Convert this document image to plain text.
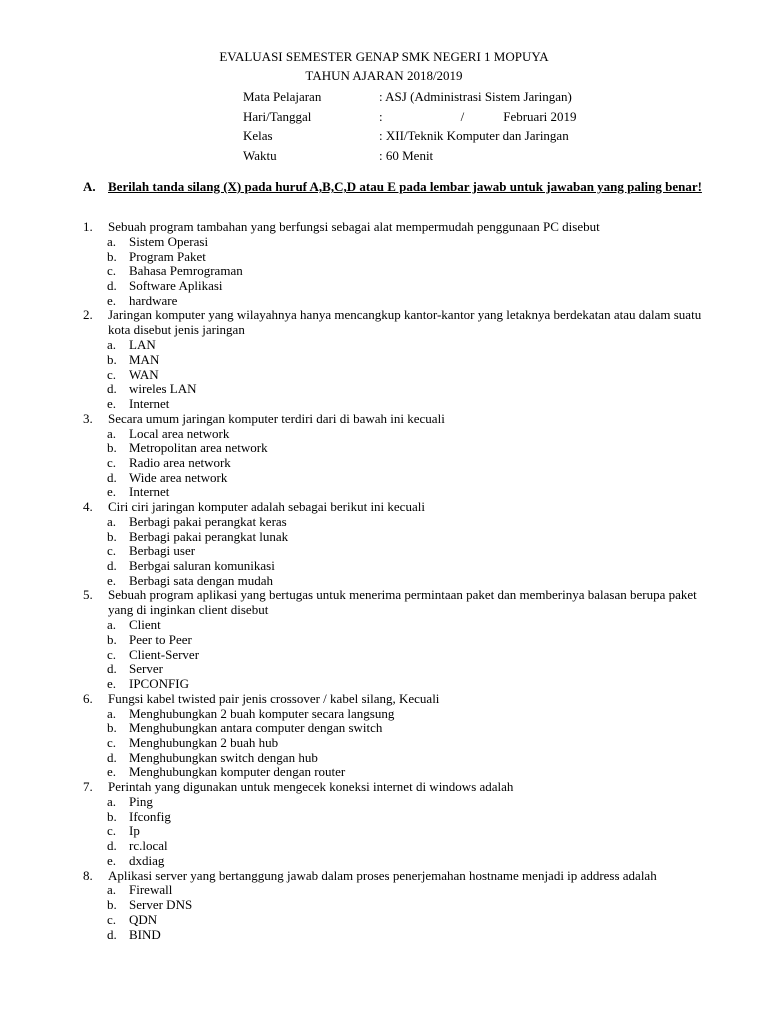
EVALUASI SEMESTER GENAP SMK NEGERI 1 MOPUYA
TAHUN AJARAN 2018/2019
Mata Pelajaran	: ASJ (Administrasi Sistem Jaringan)
Hari/Tanggal	:                        /            Februari 2019
Kelas	: XII/Teknik Komputer dan Jaringan
Waktu	: 60 Menit
A. Berilah tanda silang (X) pada huruf A,B,C,D atau E pada lembar jawab untuk jawaban yang paling benar!
1. Sebuah program tambahan yang berfungsi sebagai alat mempermudah penggunaan PC disebut
a. Sistem Operasi
b. Program Paket
c. Bahasa Pemrograman
d. Software Aplikasi
e. hardware
2. Jaringan komputer yang wilayahnya hanya mencangkup kantor-kantor yang letaknya berdekatan atau dalam suatu kota disebut jenis jaringan
a. LAN
b. MAN
c. WAN
d. wireles LAN
e. Internet
3. Secara umum jaringan komputer terdiri dari di bawah ini kecuali
a. Local area network
b. Metropolitan area network
c. Radio area network
d. Wide area network
e. Internet
4. Ciri ciri jaringan komputer adalah sebagai berikut ini kecuali
a. Berbagi pakai perangkat keras
b. Berbagi pakai perangkat lunak
c. Berbagi user
d. Berbgai saluran komunikasi
e. Berbagi sata dengan mudah
5. Sebuah program aplikasi yang bertugas untuk menerima permintaan paket dan memberinya balasan berupa paket yang di inginkan client disebut
a. Client
b. Peer to Peer
c. Client-Server
d. Server
e. IPCONFIG
6. Fungsi kabel twisted pair jenis crossover / kabel silang, Kecuali
a. Menghubungkan 2 buah komputer secara langsung
b. Menghubungkan antara computer dengan switch
c. Menghubungkan 2 buah hub
d. Menghubungkan switch dengan hub
e. Menghubungkan komputer dengan router
7. Perintah yang digunakan untuk mengecek koneksi internet di windows adalah
a. Ping
b. Ifconfig
c. Ip
d. rc.local
e. dxdiag
8. Aplikasi server yang bertanggung jawab dalam proses penerjemahan hostname menjadi ip address adalah
a. Firewall
b. Server DNS
c. QDN
d. BIND
